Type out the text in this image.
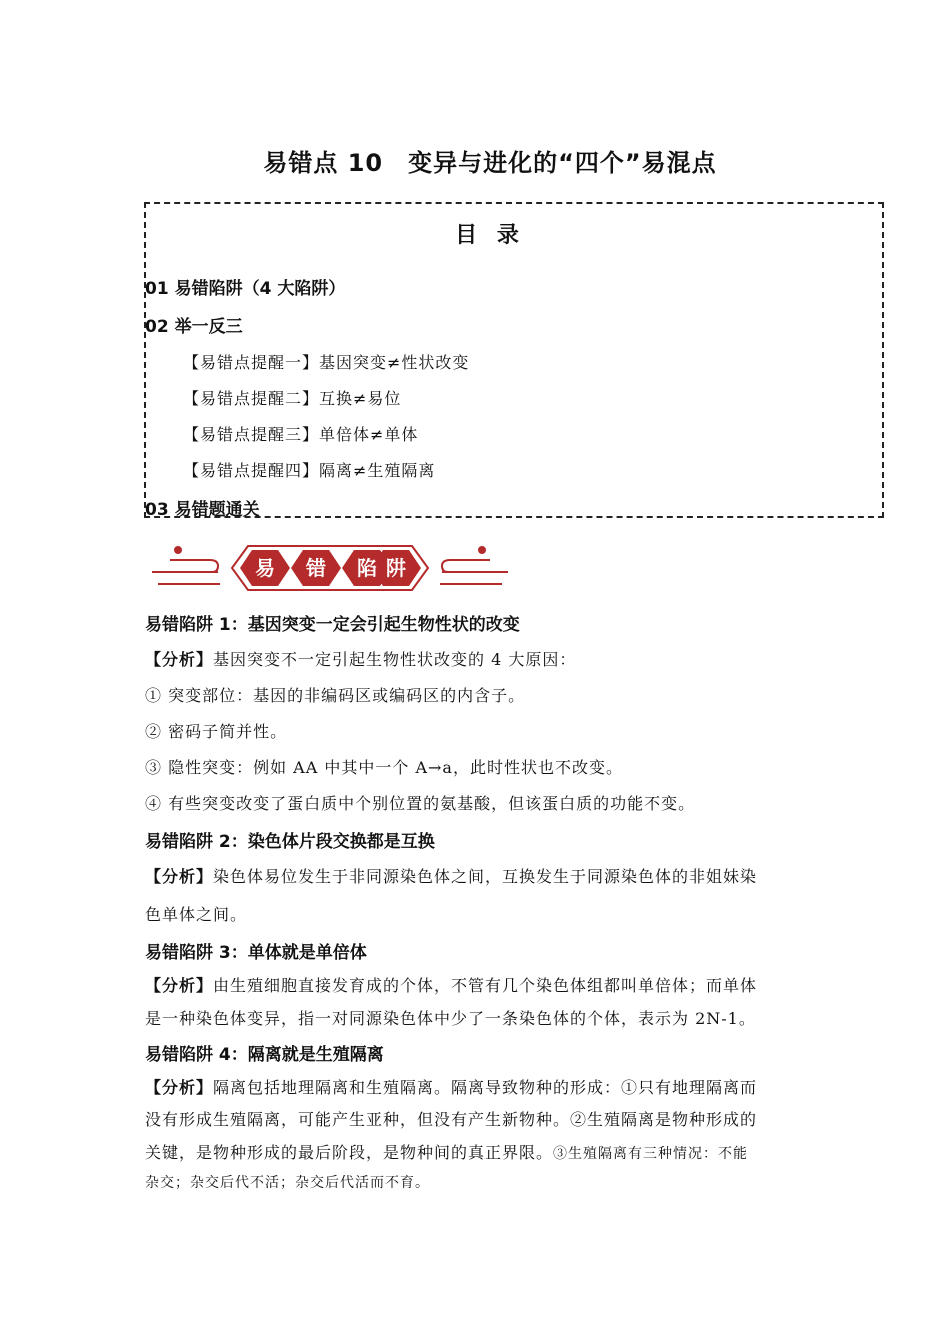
易错点 10　变异与进化的“四个”易混点
目 录
01 易错陷阱（4 大陷阱）
02 举一反三
【易错点提醒一】基因突变≠性状改变
【易错点提醒二】互换≠易位
【易错点提醒三】单倍体≠单体
【易错点提醒四】隔离≠生殖隔离
03 易错题通关
易 错 陷 阱
易错陷阱 1：基因突变一定会引起生物性状的改变
【分析】基因突变不一定引起生物性状改变的 4 大原因：
① 突变部位：基因的非编码区或编码区的内含子。
② 密码子简并性。
③ 隐性突变：例如 AA 中其中一个 A→a，此时性状也不改变。
④ 有些突变改变了蛋白质中个别位置的氨基酸，但该蛋白质的功能不变。
易错陷阱 2：染色体片段交换都是互换
【分析】染色体易位发生于非同源染色体之间，互换发生于同源染色体的非姐妹染
色单体之间。
易错陷阱 3：单体就是单倍体
【分析】由生殖细胞直接发育成的个体，不管有几个染色体组都叫单倍体；而单体
是一种染色体变异，指一对同源染色体中少了一条染色体的个体，表示为 2N-1。
易错陷阱 4：隔离就是生殖隔离
【分析】隔离包括地理隔离和生殖隔离。隔离导致物种的形成：①只有地理隔离而
没有形成生殖隔离，可能产生亚种，但没有产生新物种。②生殖隔离是物种形成的
关键，是物种形成的最后阶段，是物种间的真正界限。③生殖隔离有三种情况：不能
杂交；杂交后代不活；杂交后代活而不育。
